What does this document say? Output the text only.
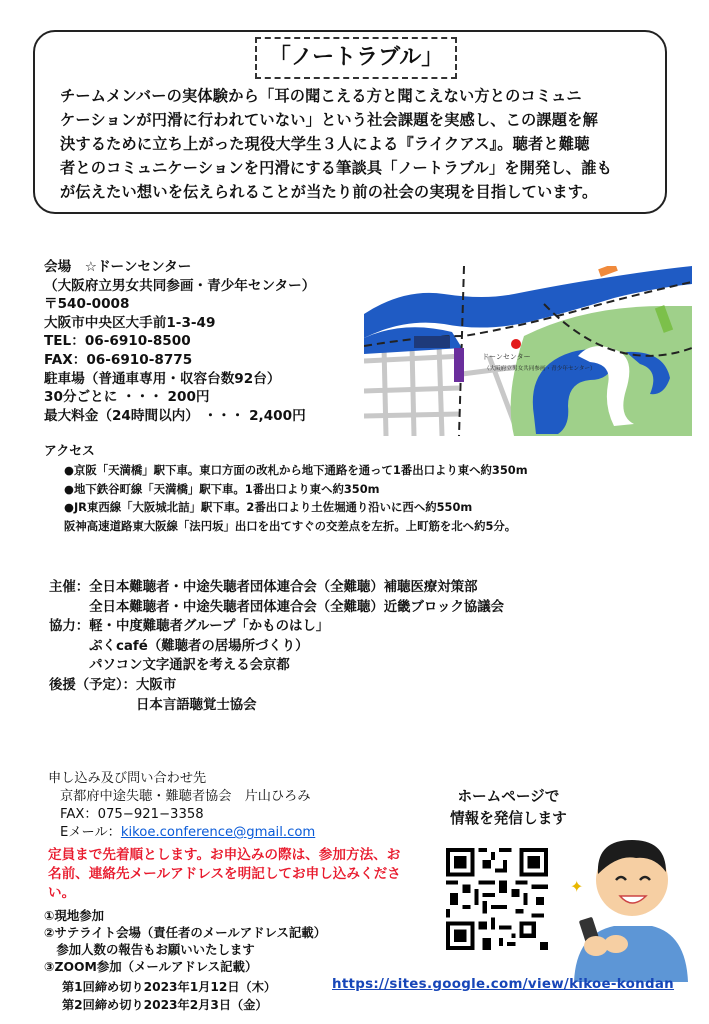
「ノートラブル」
チームメンバーの実体験から「耳の聞こえる方と聞こえない方とのコミュニ
ケーションが円滑に行われていない」という社会課題を実感し、この課題を解
決するために立ち上がった現役大学生３人による『ライクアス』。聴者と難聴
者とのコミュニケーションを円滑にする筆談具「ノートラブル」を開発し、誰も
が伝えたい想いを伝えられることが当たり前の社会の実現を目指しています。
会場　☆ドーンセンター
（大阪府立男女共同参画・青少年センター）
〒540-0008
大阪市中央区大手前1-3-49
TEL：06-6910-8500
FAX：06-6910-8775
駐車場（普通車専用・収容台数92台）
30分ごとに ・・・ 200円
最大料金（24時間以内） ・・・ 2,400円
ドーンセンター
（大阪府立男女共同参画・青少年センター）
アクセス
●京阪「天満橋」駅下車。東口方面の改札から地下通路を通って1番出口より東へ約350m
●地下鉄谷町線「天満橋」駅下車。1番出口より東へ約350m
●JR東西線「大阪城北詰」駅下車。2番出口より土佐堀通り沿いに西へ約550m
阪神高速道路東大阪線「法円坂」出口を出てすぐの交差点を左折。上町筋を北へ約5分。
主催： 全日本難聴者・中途失聴者団体連合会（全難聴）補聴医療対策部
全日本難聴者・中途失聴者団体連合会（全難聴）近畿ブロック協議会
協力： 軽・中度難聴者グループ「かものはし」
ぷくcafé（難聴者の居場所づくり）
パソコン文字通訳を考える会京都
後援（予定）： 大阪市
日本言語聴覚士協会
申し込み及び問い合わせ先
京都府中途失聴・難聴者協会　片山ひろみ
FAX：075−921−3358
Eメール：kikoe.conference@gmail.com
定員まで先着順とします。お申込みの際は、参加方法、お名前、連絡先メールアドレスを明記してお申し込みください。
①現地参加
②サテライト会場（責任者のメールアドレス記載）
　参加人数の報告もお願いいたします
③ZOOM参加（メールアドレス記載）
第1回締め切り2023年1月12日（木）
第2回締め切り2023年2月3日（金）
ホームページで
情報を発信します
✦
https://sites.google.com/view/kikoe-kondan
